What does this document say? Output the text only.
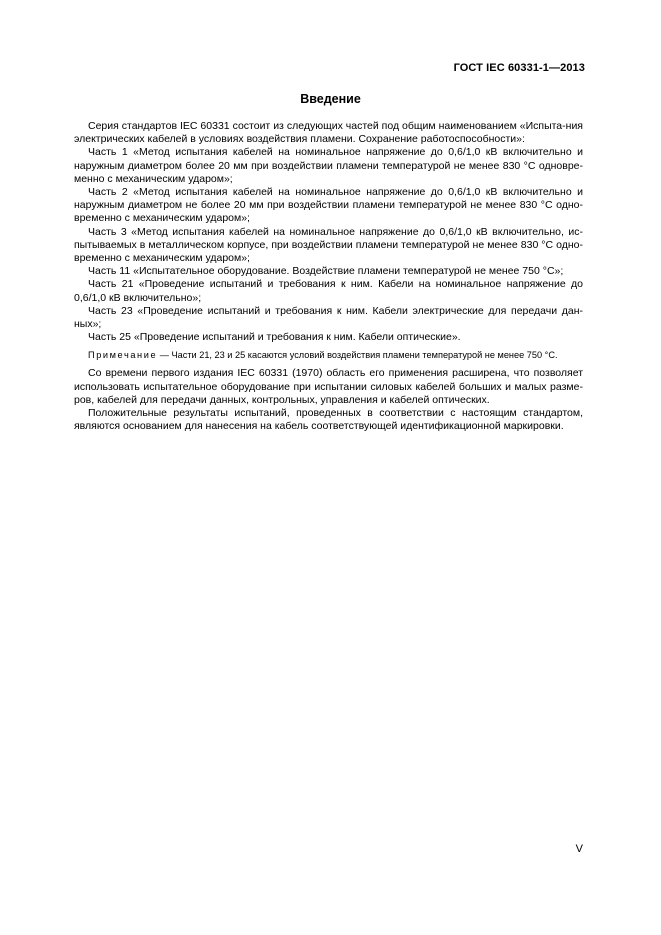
ГОСТ IEC 60331-1—2013
Введение

Серия стандартов IEC 60331 состоит из следующих частей под общим наименованием «Испыта-ния электрических кабелей в условиях воздействия пламени. Сохранение работоспособности»:

Часть 1 «Метод испытания кабелей на номинальное напряжение до 0,6/1,0 кВ включительно и наружным диаметром более 20 мм при воздействии пламени температурой не менее 830 °С одновре-менно с механическим ударом»;

Часть 2 «Метод испытания кабелей на номинальное напряжение до 0,6/1,0 кВ включительно и наружным диаметром не более 20 мм при воздействии пламени температурой не менее 830 °С одно-временно с механическим ударом»;

Часть 3 «Метод испытания кабелей на номинальное напряжение до 0,6/1,0 кВ включительно, ис-пытываемых в металлическом корпусе, при воздействии пламени температурой не менее 830 °С одно-временно с механическим ударом»;

Часть 11 «Испытательное оборудование. Воздействие пламени температурой не менее 750 °С»;

Часть 21 «Проведение испытаний и требования к ним. Кабели на номинальное напряжение до 0,6/1,0 кВ включительно»;

Часть 23 «Проведение испытаний и требования к ним. Кабели электрические для передачи дан-ных»;

Часть 25 «Проведение испытаний и требования к ним. Кабели оптические».

Примечание — Части 21, 23 и 25 касаются условий воздействия пламени температурой не менее 750 °С.

Со времени первого издания IEC 60331 (1970) область его применения расширена, что позволяет использовать испытательное оборудование при испытании силовых кабелей больших и малых разме-ров, кабелей для передачи данных, контрольных, управления и кабелей оптических.

Положительные результаты испытаний, проведенных в соответствии с настоящим стандартом, являются основанием для нанесения на кабель соответствующей идентификационной маркировки.

V
